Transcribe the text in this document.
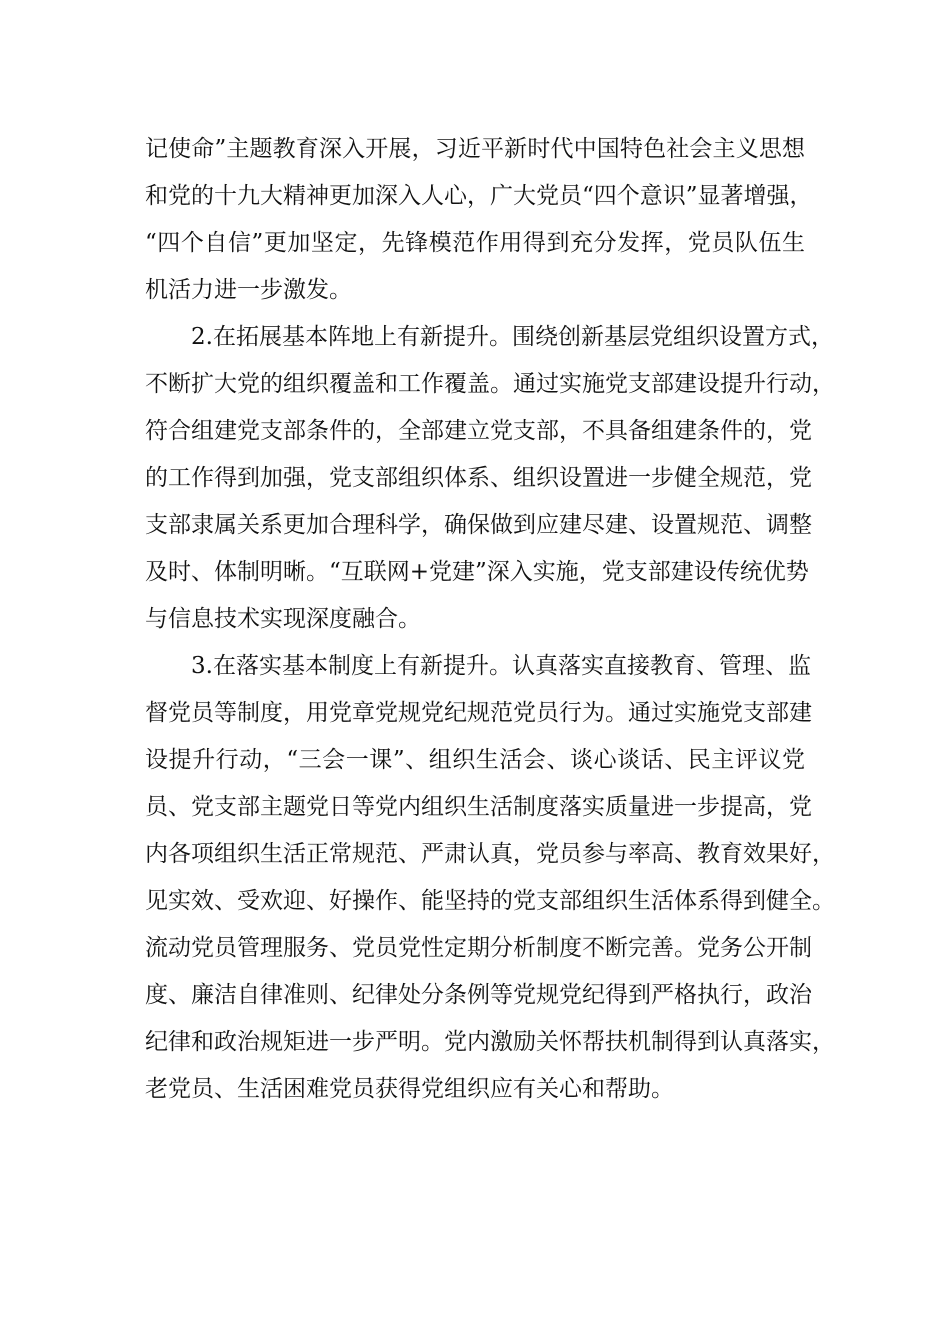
记使命”主题教育深入开展，习近平新时代中国特色社会主义思想
和党的十九大精神更加深入人心，广大党员“四个意识”显著增强，
“四个自信”更加坚定，先锋模范作用得到充分发挥，党员队伍生
机活力进一步激发。
2.在拓展基本阵地上有新提升。围绕创新基层党组织设置方式，
不断扩大党的组织覆盖和工作覆盖。通过实施党支部建设提升行动，
符合组建党支部条件的，全部建立党支部，不具备组建条件的，党
的工作得到加强，党支部组织体系、组织设置进一步健全规范，党
支部隶属关系更加合理科学，确保做到应建尽建、设置规范、调整
及时、体制明晰。“互联网+党建”深入实施，党支部建设传统优势
与信息技术实现深度融合。
3.在落实基本制度上有新提升。认真落实直接教育、管理、监
督党员等制度，用党章党规党纪规范党员行为。通过实施党支部建
设提升行动，“三会一课”、组织生活会、谈心谈话、民主评议党
员、党支部主题党日等党内组织生活制度落实质量进一步提高，党
内各项组织生活正常规范、严肃认真，党员参与率高、教育效果好，
见实效、受欢迎、好操作、能坚持的党支部组织生活体系得到健全。
流动党员管理服务、党员党性定期分析制度不断完善。党务公开制
度、廉洁自律准则、纪律处分条例等党规党纪得到严格执行，政治
纪律和政治规矩进一步严明。党内激励关怀帮扶机制得到认真落实，
老党员、生活困难党员获得党组织应有关心和帮助。
